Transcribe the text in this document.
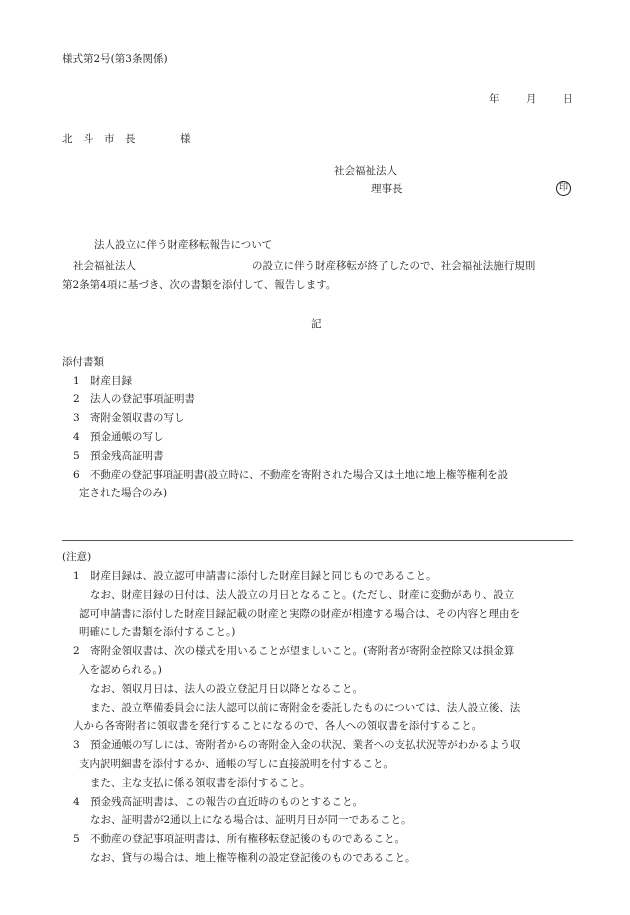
様式第2号(第3条関係)
年	月	日
北　斗　市　長	様
社会福祉法人
理事長	印
法人設立に伴う財産移転報告について
社会福祉法人	の設立に伴う財産移転が終了したので、社会福祉法施行規則
第2条第4項に基づき、次の書類を添付して、報告します。
記
添付書類
1 財産目録
2 法人の登記事項証明書
3 寄附金領収書の写し
4 預金通帳の写し
5 預金残高証明書
6 不動産の登記事項証明書(設立時に、不動産を寄附された場合又は土地に地上権等権利を設
定された場合のみ)
(注意)
1　財産目録は、設立認可申請書に添付した財産目録と同じものであること。
なお、財産目録の日付は、法人設立の月日となること。(ただし、財産に変動があり、設立
認可申請書に添付した財産目録記載の財産と実際の財産が相違する場合は、その内容と理由を
明確にした書類を添付すること。)
2　寄附金領収書は、次の様式を用いることが望ましいこと。(寄附者が寄附金控除又は損金算
入を認められる。)
なお、領収月日は、法人の設立登記月日以降となること。
また、設立準備委員会に法人認可以前に寄附金を委託したものについては、法人設立後、法
人から各寄附者に領収書を発行することになるので、各人への領収書を添付すること。
3　預金通帳の写しには、寄附者からの寄附金入金の状況、業者への支払状況等がわかるよう収
支内訳明細書を添付するか、通帳の写しに直接説明を付すること。
また、主な支払に係る領収書を添付すること。
4　預金残高証明書は、この報告の直近時のものとすること。
なお、証明書が2通以上になる場合は、証明月日が同一であること。
5　不動産の登記事項証明書は、所有権移転登記後のものであること。
なお、貸与の場合は、地上権等権利の設定登記後のものであること。
